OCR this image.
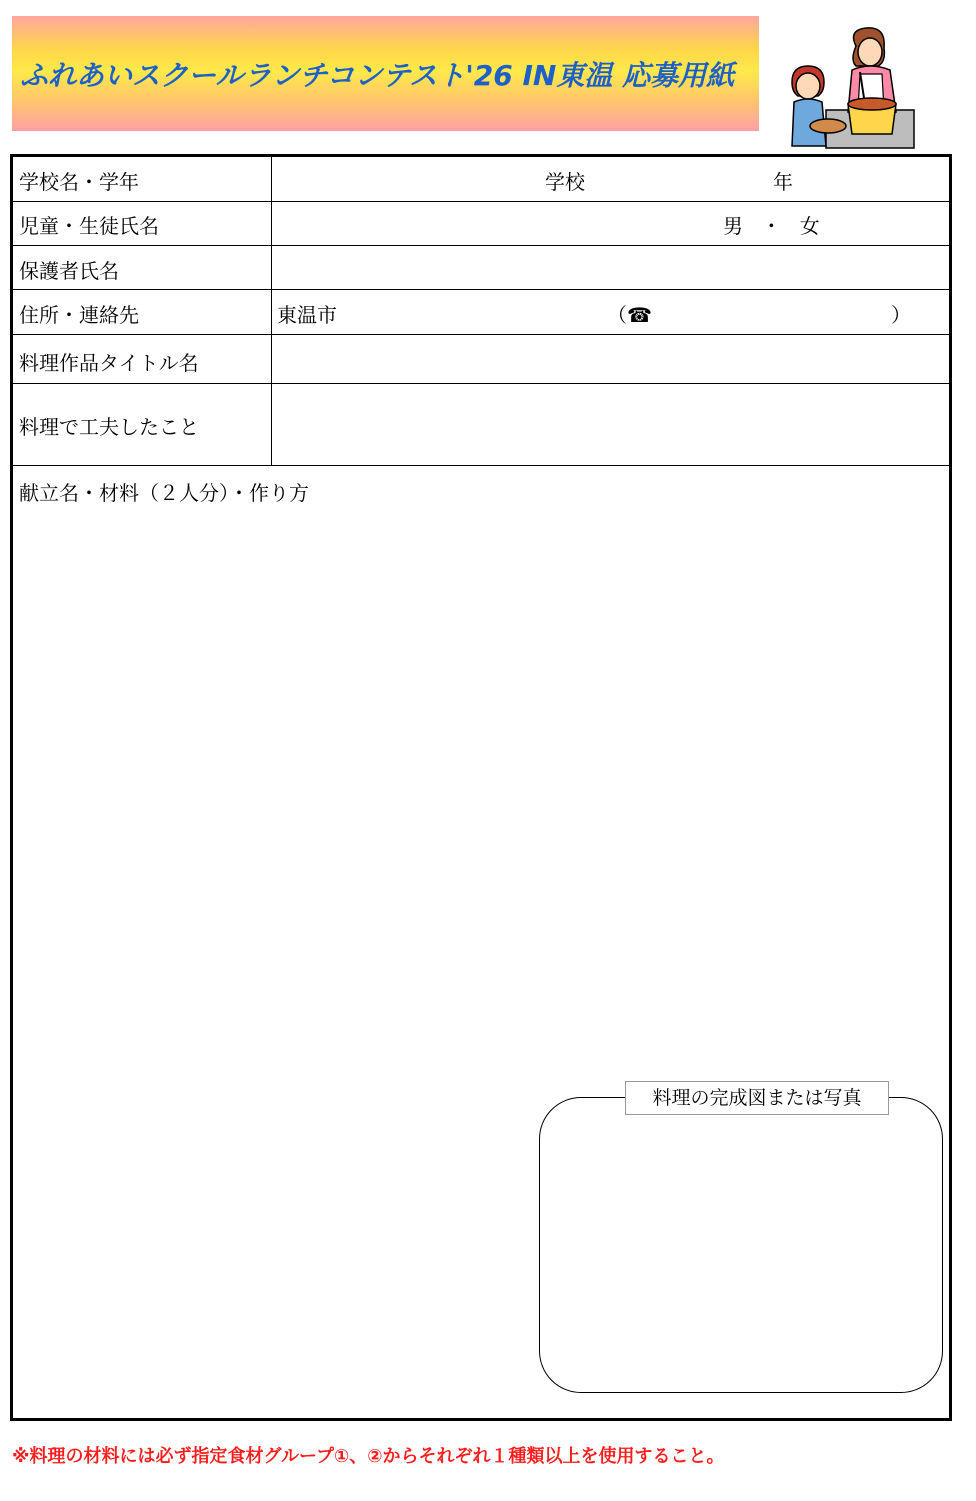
ふれあいスクールランチコンテスト'26 IN東温 応募用紙
学校名・学年	学校	年
児童・生徒氏名	男 ・ 女
保護者氏名
住所・連絡先	東温市	（☎	）
料理作品タイトル名
料理で工夫したこと
献立名・材料（２人分）・作り方
料理の完成図または写真
※料理の材料には必ず指定食材グループ①、②からそれぞれ１種類以上を使用すること。
